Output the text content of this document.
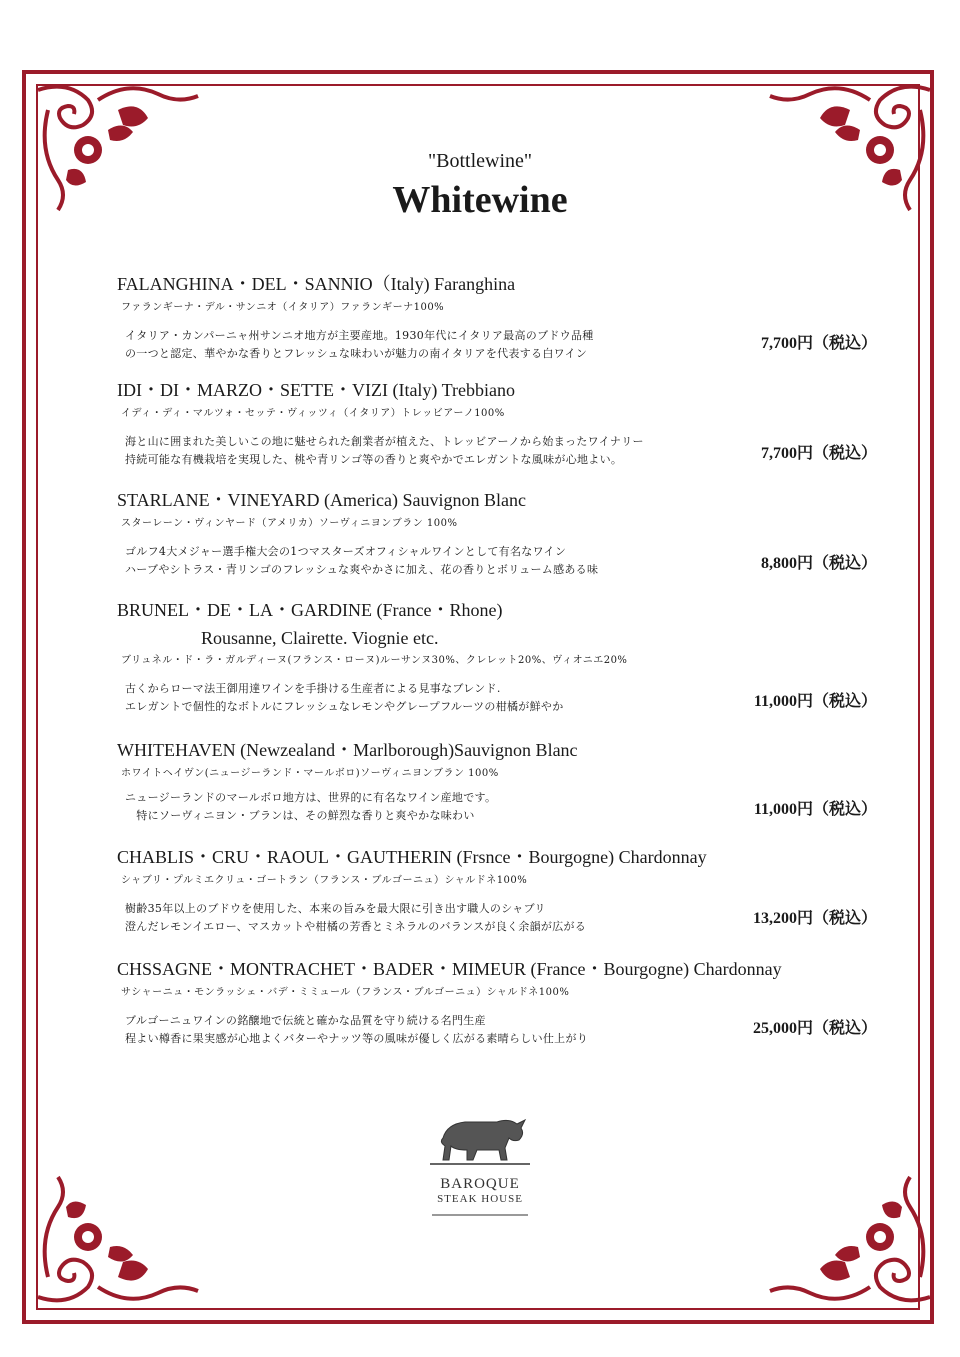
"Bottlewine"
Whitewine
FALANGHINA・DEL・SANNIO（Italy) Faranghina
ファランギーナ・デル・サンニオ（イタリア）ファランギーナ100%
イタリア・カンパーニャ州サンニオ地方が主要産地。1930年代にイタリア最高のブドウ品種
の一つと認定、華やかな香りとフレッシュな味わいが魅力の南イタリアを代表する白ワイン
7,700円（税込）
IDI・DI・MARZO・SETTE・VIZI (Italy) Trebbiano
イディ・ディ・マルツォ・セッテ・ヴィッツィ（イタリア）トレッビアーノ100%
海と山に囲まれた美しいこの地に魅せられた創業者が植えた、トレッビアーノから始まったワイナリー
持続可能な有機栽培を実現した、桃や青リンゴ等の香りと爽やかでエレガントな風味が心地よい。	7,700円（税込）
STARLANE・VINEYARD (America) Sauvignon Blanc
スターレーン・ヴィンヤード（アメリカ）ソーヴィニヨンブラン 100%
ゴルフ4大メジャー選手権大会の1つマスターズオフィシャルワインとして有名なワイン
ハーブやシトラス・青リンゴのフレッシュな爽やかさに加え、花の香りとボリューム感ある味	8,800円（税込）
BRUNEL・DE・LA・GARDINE (France・Rhone)
Rousanne, Clairette. Viognie etc.
ブリュネル・ド・ラ・ガルディーヌ(フランス・ローヌ)ルーサンヌ30%、クレレット20%、ヴィオニエ20%
古くからローマ法王御用達ワインを手掛ける生産者による見事なブレンド.
エレガントで個性的なボトルにフレッシュなレモンやグレープフルーツの柑橘が鮮やか	11,000円（税込）
WHITEHAVEN (Newzealand・Marlborough)Sauvignon Blanc
ホワイトヘイヴン(ニュージーランド・マールボロ)ソーヴィニヨンブラン 100%
ニュージーランドのマールボロ地方は、世界的に有名なワイン産地です。
　特にソーヴィニヨン・ブランは、その鮮烈な香りと爽やかな味わい	11,000円（税込）
CHABLIS・CRU・RAOUL・GAUTHERIN (Frsnce・Bourgogne) Chardonnay
シャブリ・プルミエクリュ・ゴートラン（フランス・ブルゴーニュ）シャルドネ100%
樹齢35年以上のブドウを使用した、本来の旨みを最大限に引き出す職人のシャブリ
澄んだレモンイエロー、マスカットや柑橘の芳香とミネラルのバランスが良く余韻が広がる	13,200円（税込）
CHSSAGNE・MONTRACHET・BADER・MIMEUR (France・Bourgogne) Chardonnay
サシャーニュ・モンラッシェ・バデ・ミミュール（フランス・ブルゴーニュ）シャルドネ100%
ブルゴーニュワインの銘醸地で伝統と確かな品質を守り続ける名門生産
程よい樽香に果実感が心地よくバターやナッツ等の風味が優しく広がる素晴らしい仕上がり
25,000円（税込）
BAROQUE
STEAK HOUSE
